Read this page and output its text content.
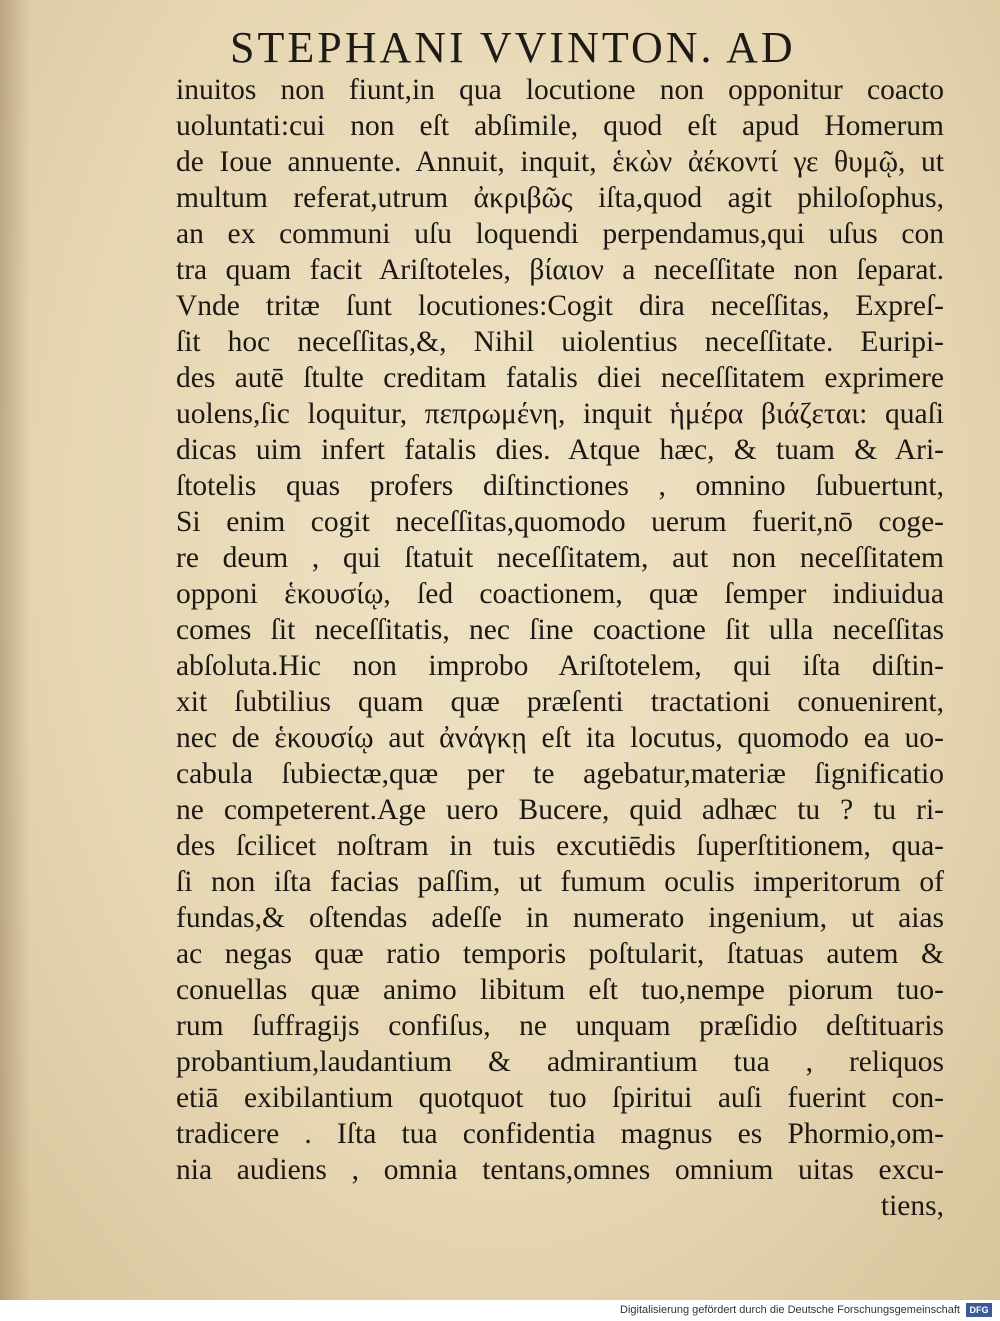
STEPHANI VVINTON. AD
inuitos non fiunt,in qua locutione non opponitur coacto
uoluntati:cui non eſt abſimile, quod eſt apud Homerum
de Ioue annuente. Annuit, inquit, ἑκὼν ἀέκοντί γε θυμῷ, ut
multum referat,utrum ἀκριβῶς iſta,quod agit philoſophus,
an ex communi uſu loquendi perpendamus,qui uſus con
tra quam facit Ariſtoteles, βίαιον a neceſſitate non ſeparat.
Vnde tritæ ſunt locutiones:Cogit dira neceſſitas, Expreſ-
ſit hoc neceſſitas,&, Nihil uiolentius neceſſitate. Euripi-
des autē ſtulte creditam fatalis diei neceſſitatem exprimere
uolens,ſic loquitur, πεπρωμένη, inquit ἡμέρα βιάζεται: quaſi
dicas uim infert fatalis dies. Atque hæc, & tuam & Ari-
ſtotelis quas profers diſtinctiones , omnino ſubuertunt,
Si enim cogit neceſſitas,quomodo uerum fuerit,nō coge-
re deum , qui ſtatuit neceſſitatem, aut non neceſſitatem
opponi ἑκουσίῳ, ſed coactionem, quæ ſemper indiuidua
comes ſit neceſſitatis, nec ſine coactione ſit ulla neceſſitas
abſoluta.Hic non improbo Ariſtotelem, qui iſta diſtin-
xit ſubtilius quam quæ præſenti tractationi conuenirent,
nec de ἑκουσίῳ aut ἀνάγκῃ eſt ita locutus, quomodo ea uo-
cabula ſubiectæ,quæ per te agebatur,materiæ ſignificatio
ne competerent.Age uero Bucere, quid adhæc tu ? tu ri-
des ſcilicet noſtram in tuis excutiēdis ſuperſtitionem, qua-
ſi non iſta facias paſſim, ut fumum oculis imperitorum of
fundas,& oſtendas adeſſe in numerato ingenium, ut aias
ac negas quæ ratio temporis poſtularit, ſtatuas autem &
conuellas quæ animo libitum eſt tuo,nempe piorum tuo-
rum ſuffragijs confiſus, ne unquam præſidio deſtituaris
probantium,laudantium & admirantium tua , reliquos
etiā exibilantium quotquot tuo ſpiritui auſi fuerint con-
tradicere . Iſta tua confidentia magnus es Phormio,om-
nia audiens , omnia tentans,omnes omnium uitas excu-
tiens,
Digitalisierung gefördert durch die Deutsche Forschungsgemeinschaft	DFG
